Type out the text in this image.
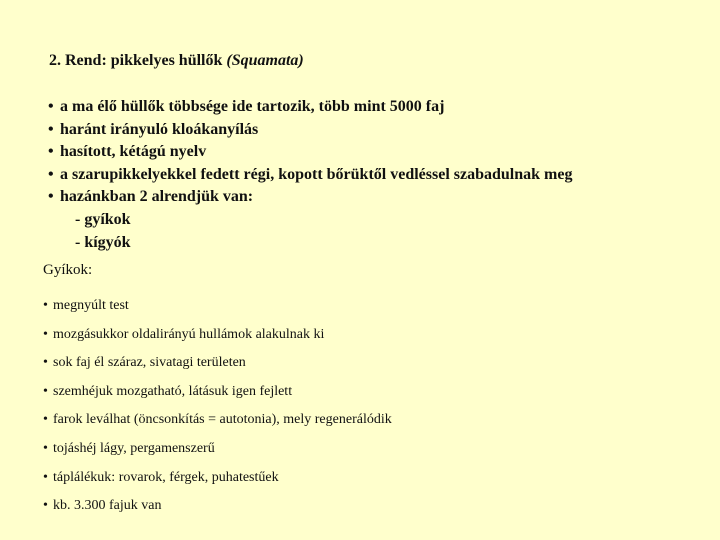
2. Rend: pikkelyes hüllők (Squamata)
• a ma élő hüllők többsége ide tartozik, több mint 5000 faj
• haránt irányuló kloákanyílás
• hasított, kétágú nyelv
• a szarupikkelyekkel fedett régi, kopott bőrüktől vedléssel szabadulnak meg
• hazánkban 2 alrendjük van:
- gyíkok
- kígyók
Gyíkok:
• megnyúlt test
• mozgásukkor oldalirányú hullámok alakulnak ki
• sok faj él száraz, sivatagi területen
• szemhéjuk mozgatható, látásuk igen fejlett
• farok leválhat (öncsonkítás = autotonia), mely regenerálódik
• tojáshéj lágy, pergamenszerű
• táplálékuk: rovarok, férgek, puhatestűek
• kb. 3.300 fajuk van
